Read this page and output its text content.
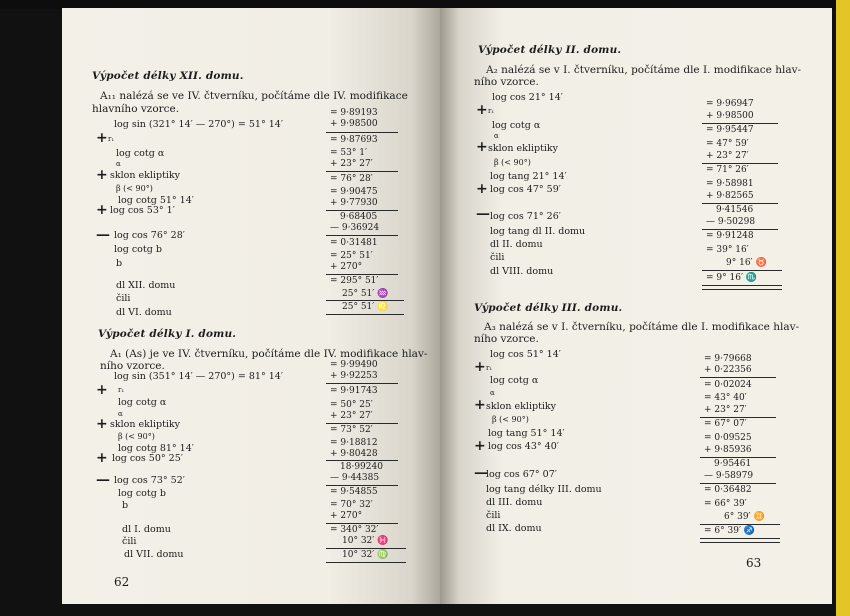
Výpočet délky XII. domu.
A₁₁ nalézá se ve IV. čtverníku, počítáme dle IV. modifikace
hlavního vzorce.
log sin (321° 14′ — 270°) = 51° 14′
+ r₁
log cotg α
α
+ sklon ekliptiky
β (< 90°)
log cotg 51° 14′
+ log cos 53° 1′
— log cos 76° 28′
log cotg b
b
dl XII. domu
čili
dl VI. domu
= 9·89193
+ 9·98500
= 9·87693
= 53° 1′
+ 23° 27′
= 76° 28′
= 9·90475
+ 9·77930
9·68405
— 9·36924
= 0·31481
= 25° 51′
+ 270°
= 295° 51′
25° 51′ ♒
25° 51′ ♌
Výpočet délky I. domu.
A₁ (As) je ve IV. čtverníku, počítáme dle IV. modifikace hlav-
ního vzorce.
log sin (351° 14′ — 270°) = 81° 14′
+ r₁
log cotg α
α
+ sklon ekliptiky
β (< 90°)
log cotg 81° 14′
+ log cos 50° 25′
— log cos 73° 52′
log cotg b
b
dl I. domu
čili
dl VII. domu
= 9·99490
+ 9·92253
= 9·91743
= 50° 25′
+ 23° 27′
= 73° 52′
= 9·18812
+ 9·80428
18·99240
— 9·44385
= 9·54855
= 70° 32′
+ 270°
= 340° 32′
10° 32′ ♓
10° 32′ ♍
62
Výpočet délky II. domu.
A₂ nalézá se v I. čtverníku, počítáme dle I. modifikace hlav-
ního vzorce.
log cos 21° 14′
+ r₁
log cotg α
α
+ sklon ekliptiky
β (< 90°)
log tang 21° 14′
+ log cos 47° 59′
— log cos 71° 26′
log tang dl II. domu
dl II. domu
čili
dl VIII. domu
= 9·96947
+ 9·98500
= 9·95447
= 47° 59′
+ 23° 27′
= 71° 26′
= 9·58981
+ 9·82565
9·41546
— 9·50298
= 9·91248
= 39° 16′
9° 16′ ♉
= 9° 16′ ♏
Výpočet délky III. domu.
A₃ nalézá se v I. čtverníku, počítáme dle I. modifikace hlav-
ního vzorce.
log cos 51° 14′
+ r₁
log cotg α
α
+ sklon ekliptiky
β (< 90°)
log tang 51° 14′
+ log cos 43° 40′
—
log cos 67° 07′
log tang délky III. domu
dl III. domu
čili
dl IX. domu
= 9·79668
+ 0·22356
= 0·02024
= 43° 40′
+ 23° 27′
= 67° 07′
= 0·09525
+ 9·85936
9·95461
— 9·58979
= 0·36482
= 66° 39′
6° 39′ ♊
= 6° 39′ ♐
63
